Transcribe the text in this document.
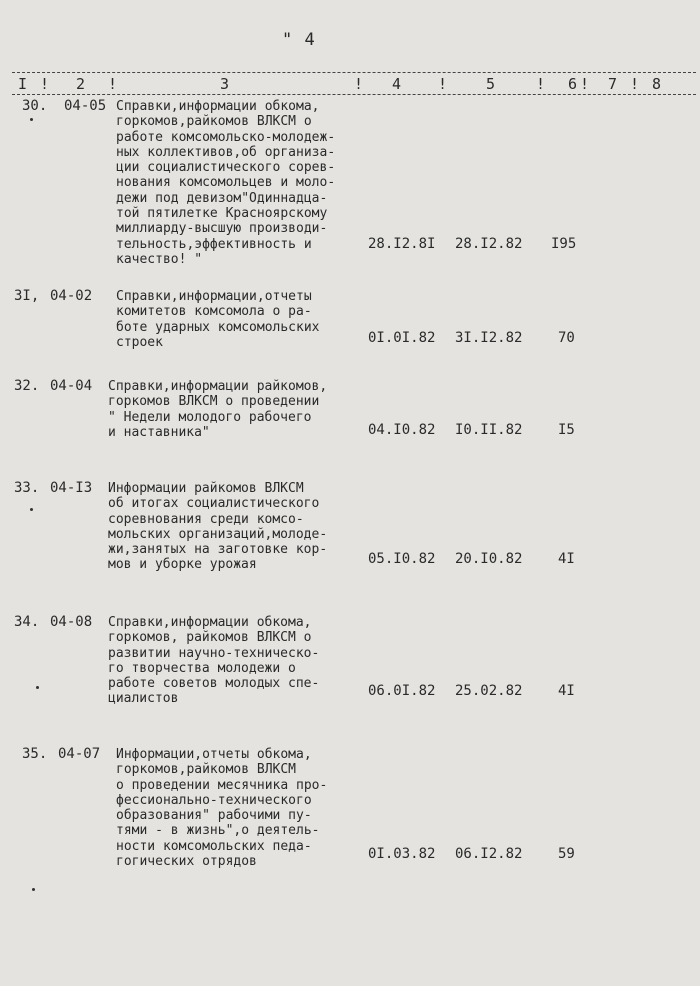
" 4
I ! 2 !	3	! 4 !	5	! 6 ! 7 ! 8
30. 04-05 Справки,информации обкома,
горкомов,райкомов ВЛКСМ о
работе комсомольско-молодеж-
ных коллективов,об организа-
ции социалистического сорев-
нования комсомольцев и моло-
дежи под девизом"Одиннадца-
той пятилетке Красноярскому
миллиарду-высшую производи-
тельность,эффективность и
качество! "
28.I2.8I 28.I2.82 I95
3I, 04-02 Справки,информации,отчеты
комитетов комсомола о ра-
боте ударных комсомольских
строек	0I.0I.82 3I.I2.82	70
32. 04-04 Справки,информации райкомов,
горкомов ВЛКСМ о проведении
" Недели молодого рабочего
и наставника"	04.I0.82 I0.II.82	I5
33. 04-I3 Информации райкомов ВЛКСМ
об итогах социалистического
соревнования среди комсо-
мольских организаций,молоде-
жи,занятых на заготовке кор-
мов и уборке урожая	05.I0.82 20.I0.82	4I
34. 04-08 Справки,информации обкома,
горкомов, райкомов ВЛКСМ о
развитии научно-техническо-
го творчества молодежи о
работе советов молодых спе-
циалистов	06.0I.82 25.02.82	4I
35. 04-07 Информации,отчеты обкома,
горкомов,райкомов ВЛКСМ
о проведении месячника про-
фессионально-технического
образования" рабочими пу-
тями - в жизнь",о деятель-
ности комсомольских педа-
гогических отрядов	0I.03.82 06.I2.82	59
